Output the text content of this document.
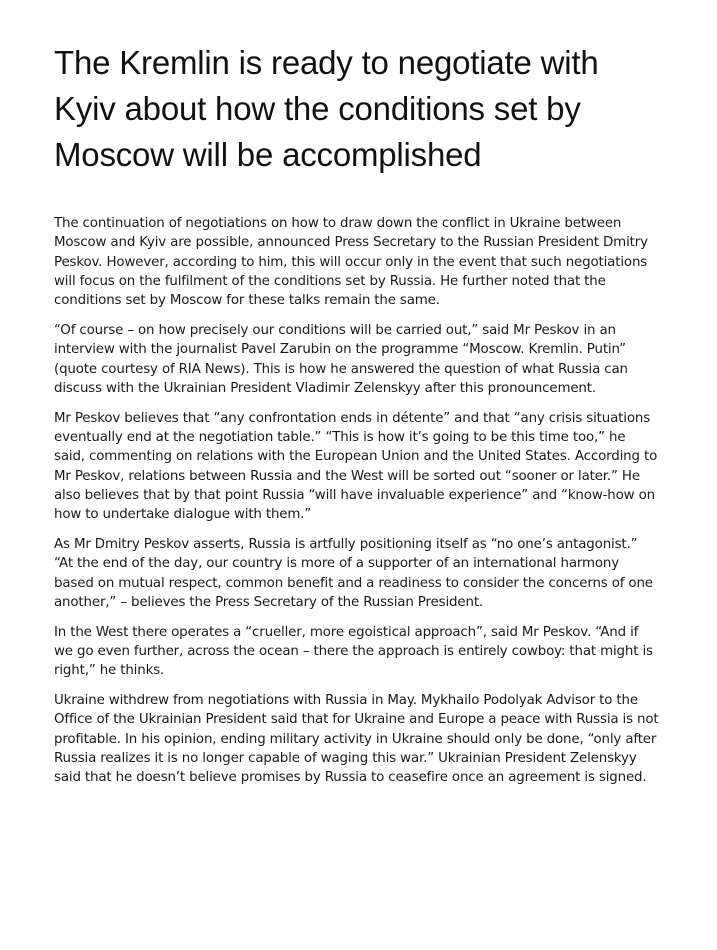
The Kremlin is ready to negotiate with Kyiv about how the conditions set by Moscow will be accomplished

The continuation of negotiations on how to draw down the conflict in Ukraine between Moscow and Kyiv are possible, announced Press Secretary to the Russian President Dmitry Peskov. However, according to him, this will occur only in the event that such negotiations will focus on the fulfilment of the conditions set by Russia. He further noted that the conditions set by Moscow for these talks remain the same.

“Of course – on how precisely our conditions will be carried out,” said Mr Peskov in an interview with the journalist Pavel Zarubin on the programme “Moscow. Kremlin. Putin” (quote courtesy of RIA News). This is how he answered the question of what Russia can discuss with the Ukrainian President Vladimir Zelenskyy after this pronouncement.

Mr Peskov believes that “any confrontation ends in détente” and that “any crisis situations eventually end at the negotiation table.” “This is how it’s going to be this time too,” he said, commenting on relations with the European Union and the United States. According to Mr Peskov, relations between Russia and the West will be sorted out “sooner or later.” He also believes that by that point Russia “will have invaluable experience” and “know-how on how to undertake dialogue with them.”

As Mr Dmitry Peskov asserts, Russia is artfully positioning itself as “no one’s antagonist.” “At the end of the day, our country is more of a supporter of an international harmony based on mutual respect, common benefit and a readiness to consider the concerns of one another,” – believes the Press Secretary of the Russian President.

In the West there operates a “crueller, more egoistical approach”, said Mr Peskov. “And if we go even further, across the ocean – there the approach is entirely cowboy: that might is right,” he thinks.

Ukraine withdrew from negotiations with Russia in May. Mykhailo Podolyak Advisor to the Office of the Ukrainian President said that for Ukraine and Europe a peace with Russia is not profitable. In his opinion, ending military activity in Ukraine should only be done, “only after Russia realizes it is no longer capable of waging this war.” Ukrainian President Zelenskyy said that he doesn’t believe promises by Russia to ceasefire once an agreement is signed.
